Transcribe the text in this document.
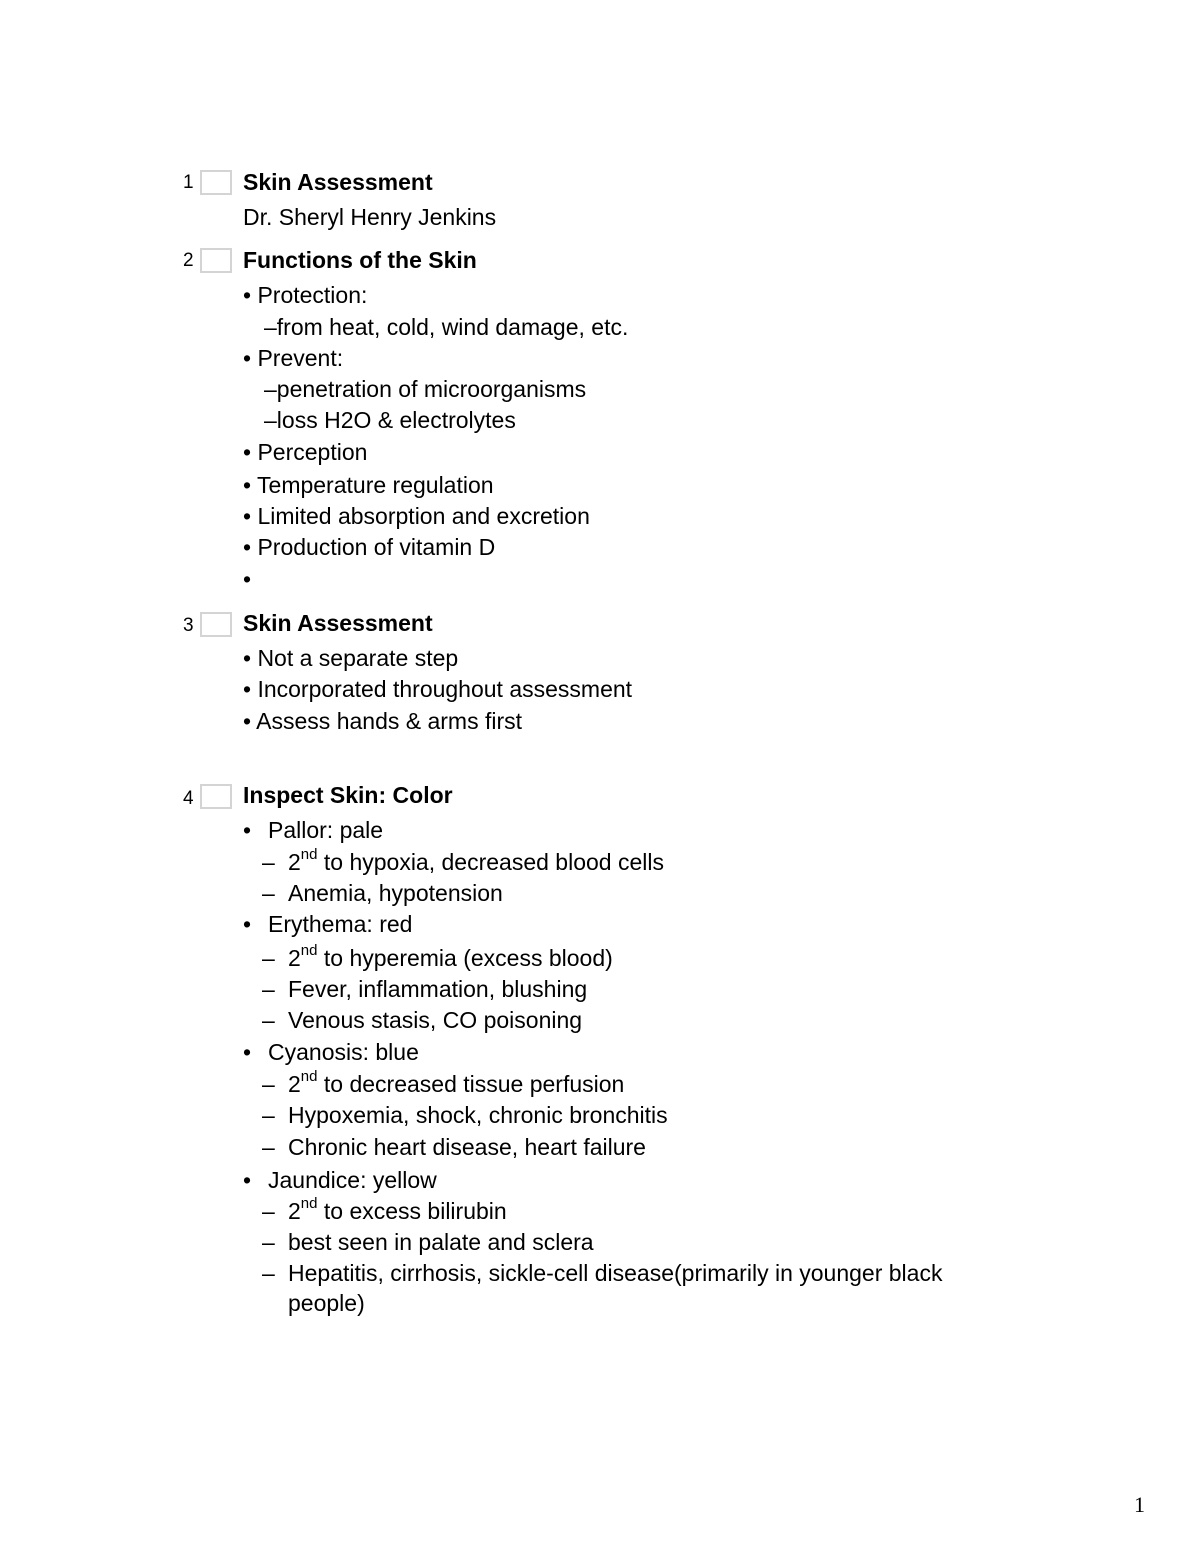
1 Skin Assessment
Dr. Sheryl Henry Jenkins
2 Functions of the Skin
• Protection:
–from heat, cold, wind damage, etc.
• Prevent:
–penetration of microorganisms
–loss H2O & electrolytes
• Perception
• Temperature regulation
• Limited absorption and excretion
• Production of vitamin D
•
3 Skin Assessment
• Not a separate step
• Incorporated throughout assessment
• Assess hands & arms first
4 Inspect Skin: Color
• Pallor: pale
– 2nd to hypoxia, decreased blood cells
– Anemia, hypotension
• Erythema: red
– 2nd to hyperemia (excess blood)
– Fever, inflammation, blushing
– Venous stasis, CO poisoning
• Cyanosis: blue
– 2nd to decreased tissue perfusion
– Hypoxemia, shock, chronic bronchitis
– Chronic heart disease, heart failure
• Jaundice: yellow
– 2nd to excess bilirubin
– best seen in palate and sclera
– Hepatitis, cirrhosis, sickle-cell disease(primarily in younger black
people)
1
